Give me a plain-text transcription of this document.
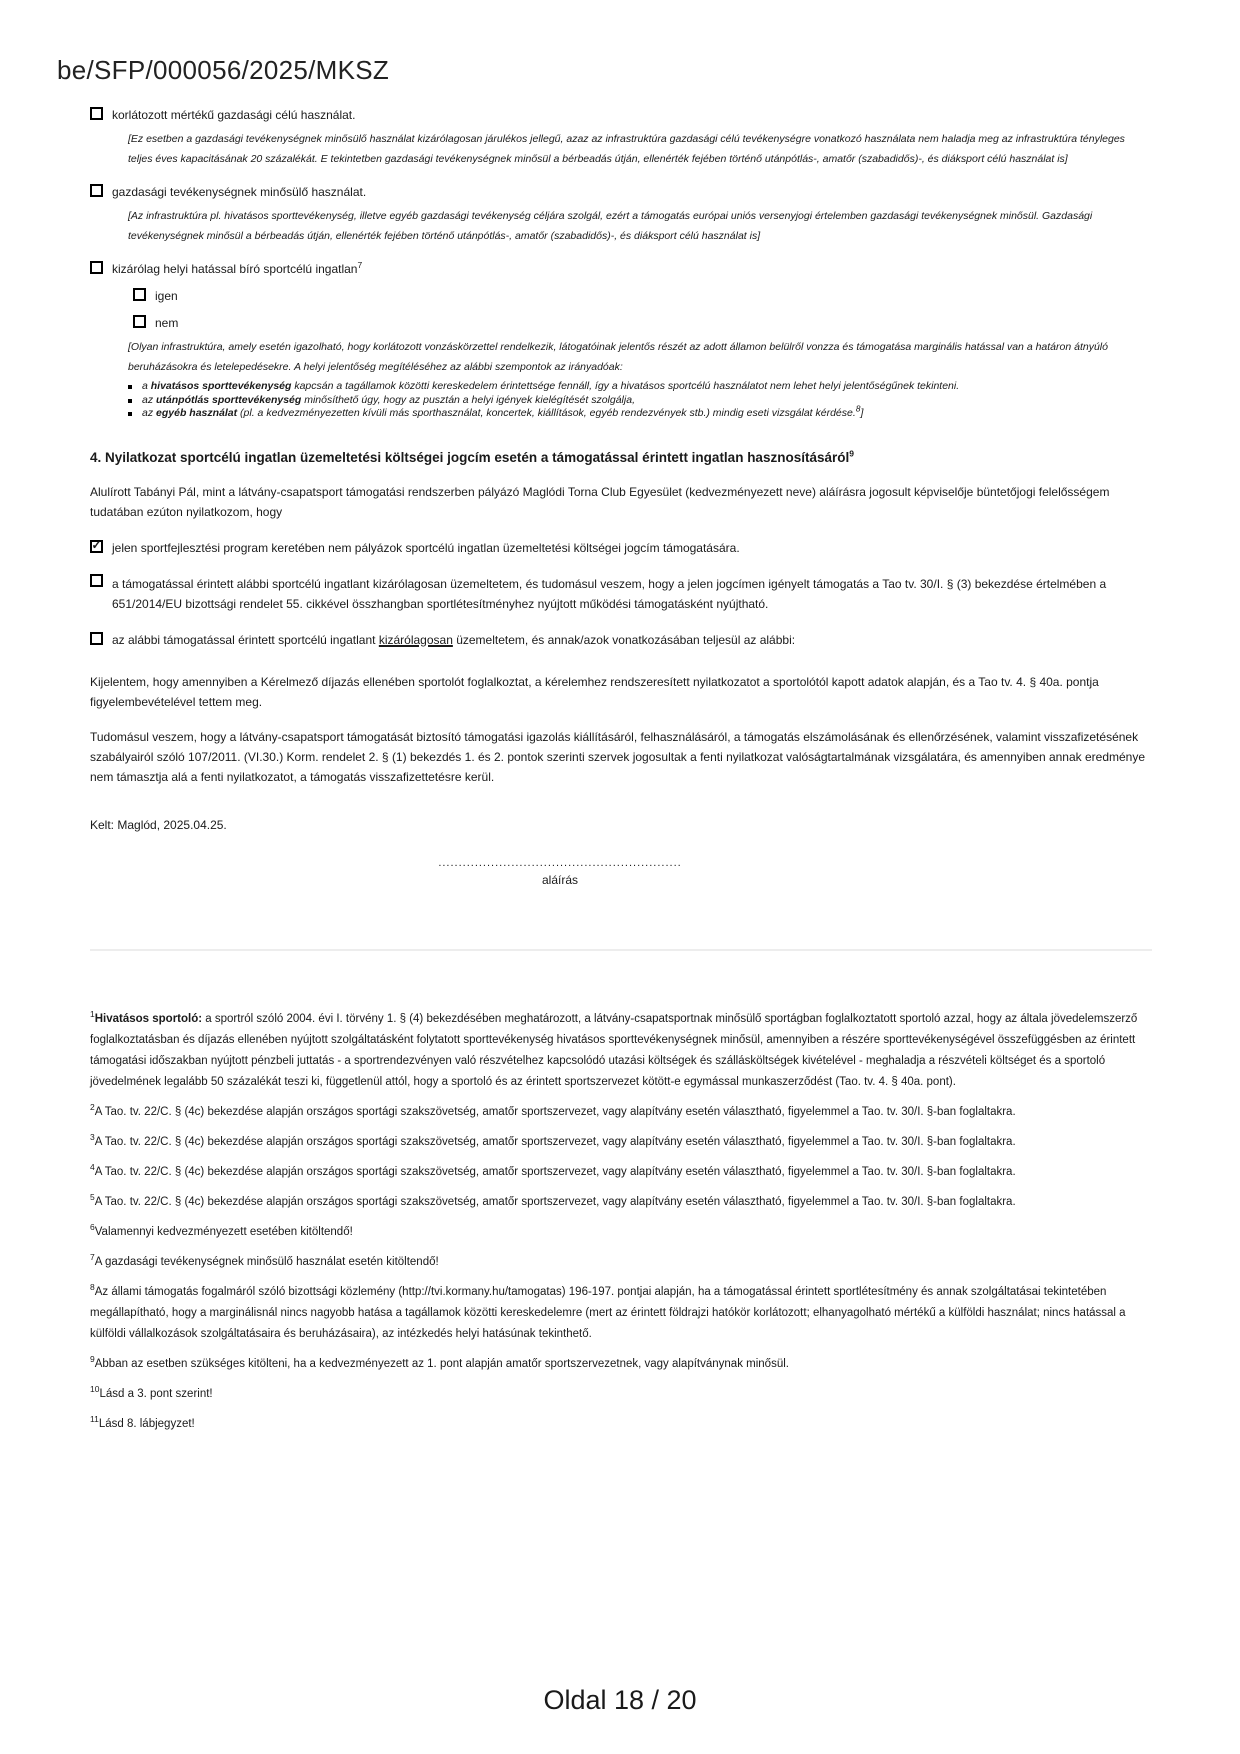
be/SFP/000056/2025/MKSZ
korlátozott mértékű gazdasági célú használat.
[Ez esetben a gazdasági tevékenységnek minősülő használat kizárólagosan járulékos jellegű, azaz az infrastruktúra gazdasági célú tevékenységre vonatkozó használata nem haladja meg az infrastruktúra tényleges teljes éves kapacitásának 20 százalékát. E tekintetben gazdasági tevékenységnek minősül a bérbeadás útján, ellenérték fejében történő utánpótlás-, amatőr (szabadidős)-, és diáksport célú használat is]
gazdasági tevékenységnek minősülő használat.
[Az infrastruktúra pl. hivatásos sporttevékenység, illetve egyéb gazdasági tevékenység céljára szolgál, ezért a támogatás európai uniós versenyjogi értelemben gazdasági tevékenységnek minősül. Gazdasági tevékenységnek minősül a bérbeadás útján, ellenérték fejében történő utánpótlás-, amatőr (szabadidős)-, és diáksport célú használat is]
kizárólag helyi hatással bíró sportcélú ingatlan$^7$
igen
nem
[Olyan infrastruktúra, amely esetén igazolható, hogy korlátozott vonzáskörzettel rendelkezik, látogatóinak jelentős részét az adott államon belülről vonzza és támogatása marginális hatással van a határon átnyúló beruházásokra és letelepedésekre. A helyi jelentőség megítéléséhez az alábbi szempontok az irányadóak:
a hivatásos sporttevékenység kapcsán a tagállamok közötti kereskedelem érintettsége fennáll, így a hivatásos sportcélú használatot nem lehet helyi jelentőségűnek tekinteni.
az utánpótlás sporttevékenység minősíthető úgy, hogy az pusztán a helyi igények kielégítését szolgálja,
az egyéb használat (pl. a kedvezményezetten kívüli más sporthasználat, koncertek, kiállítások, egyéb rendezvények stb.) mindig eseti vizsgálat kérdése.$^8$]
4. Nyilatkozat sportcélú ingatlan üzemeltetési költségei jogcím esetén a támogatással érintett ingatlan hasznosításáról$^9$
Alulírott Tabányi Pál, mint a látvány-csapatsport támogatási rendszerben pályázó Maglódi Torna Club Egyesület (kedvezményezett neve) aláírásra jogosult képviselője büntetőjogi felelősségem tudatában ezúton nyilatkozom, hogy
✓ jelen sportfejlesztési program keretében nem pályázok sportcélú ingatlan üzemeltetési költségei jogcím támogatására.
a támogatással érintett alábbi sportcélú ingatlant kizárólagosan üzemeltetem, és tudomásul veszem, hogy a jelen jogcímen igényelt támogatás a Tao tv. 30/I. § (3) bekezdése értelmében a 651/2014/EU bizottsági rendelet 55. cikkével összhangban sportlétesítményhez nyújtott működési támogatásként nyújtható.
az alábbi támogatással érintett sportcélú ingatlant kizárólagosan üzemeltetem, és annak/azok vonatkozásában teljesül az alábbi:
Kijelentem, hogy amennyiben a Kérelmező díjazás ellenében sportolót foglalkoztat, a kérelemhez rendszeresített nyilatkozatot a sportolótól kapott adatok alapján, és a Tao tv. 4. § 40a. pontja figyelembevételével tettem meg.
Tudomásul veszem, hogy a látvány-csapatsport támogatását biztosító támogatási igazolás kiállításáról, felhasználásáról, a támogatás elszámolásának és ellenőrzésének, valamint visszafizetésének szabályairól szóló 107/2011. (VI.30.) Korm. rendelet 2. § (1) bekezdés 1. és 2. pontok szerinti szervek jogosultak a fenti nyilatkozat valóságtartalmának vizsgálatára, és amennyiben annak eredménye nem támasztja alá a fenti nyilatkozatot, a támogatás visszafizettetésre kerül.
Kelt: Maglód, 2025.04.25.
............................................................
aláírás
$^1$Hivatásos sportoló: a sportról szóló 2004. évi I. törvény 1. § (4) bekezdésében meghatározott, a látvány-csapatsportnak minősülő sportágban foglalkoztatott sportoló azzal, hogy az általa jövedelemszerző foglalkoztatásban és díjazás ellenében nyújtott szolgáltatásként folytatott sporttevékenység hivatásos sporttevékenységnek minősül, amennyiben a részére sporttevékenységével összefüggésben az érintett támogatási időszakban nyújtott pénzbeli juttatás - a sportrendezvényen való részvételhez kapcsolódó utazási költségek és szállásköltségek kivételével - meghaladja a részvételi költséget és a sportoló jövedelmének legalább 50 százalékát teszi ki, függetlenül attól, hogy a sportoló és az érintett sportszervezet kötött-e egymással munkaszerződést (Tao. tv. 4. § 40a. pont).
$^2$A Tao. tv. 22/C. § (4c) bekezdése alapján országos sportági szakszövetség, amatőr sportszervezet, vagy alapítvány esetén választható, figyelemmel a Tao. tv. 30/I. §-ban foglaltakra.
$^3$A Tao. tv. 22/C. § (4c) bekezdése alapján országos sportági szakszövetség, amatőr sportszervezet, vagy alapítvány esetén választható, figyelemmel a Tao. tv. 30/I. §-ban foglaltakra.
$^4$A Tao. tv. 22/C. § (4c) bekezdése alapján országos sportági szakszövetség, amatőr sportszervezet, vagy alapítvány esetén választható, figyelemmel a Tao. tv. 30/I. §-ban foglaltakra.
$^5$A Tao. tv. 22/C. § (4c) bekezdése alapján országos sportági szakszövetség, amatőr sportszervezet, vagy alapítvány esetén választható, figyelemmel a Tao. tv. 30/I. §-ban foglaltakra.
$^6$Valamennyi kedvezményezett esetében kitöltendő!
$^7$A gazdasági tevékenységnek minősülő használat esetén kitöltendő!
$^8$Az állami támogatás fogalmáról szóló bizottsági közlemény (http://tvi.kormany.hu/tamogatas) 196-197. pontjai alapján, ha a támogatással érintett sportlétesítmény és annak szolgáltatásai tekintetében megállapítható, hogy a marginálisnál nincs nagyobb hatása a tagállamok közötti kereskedelemre (mert az érintett földrajzi hatókör korlátozott; elhanyagolható mértékű a külföldi használat; nincs hatással a külföldi vállalkozások szolgáltatásaira és beruházásaira), az intézkedés helyi hatásúnak tekinthető.
$^9$Abban az esetben szükséges kitölteni, ha a kedvezményezett az 1. pont alapján amatőr sportszervezetnek, vagy alapítványnak minősül.
$^{10}$Lásd a 3. pont szerint!
$^{11}$Lásd 8. lábjegyzet!
Oldal 18 / 20
